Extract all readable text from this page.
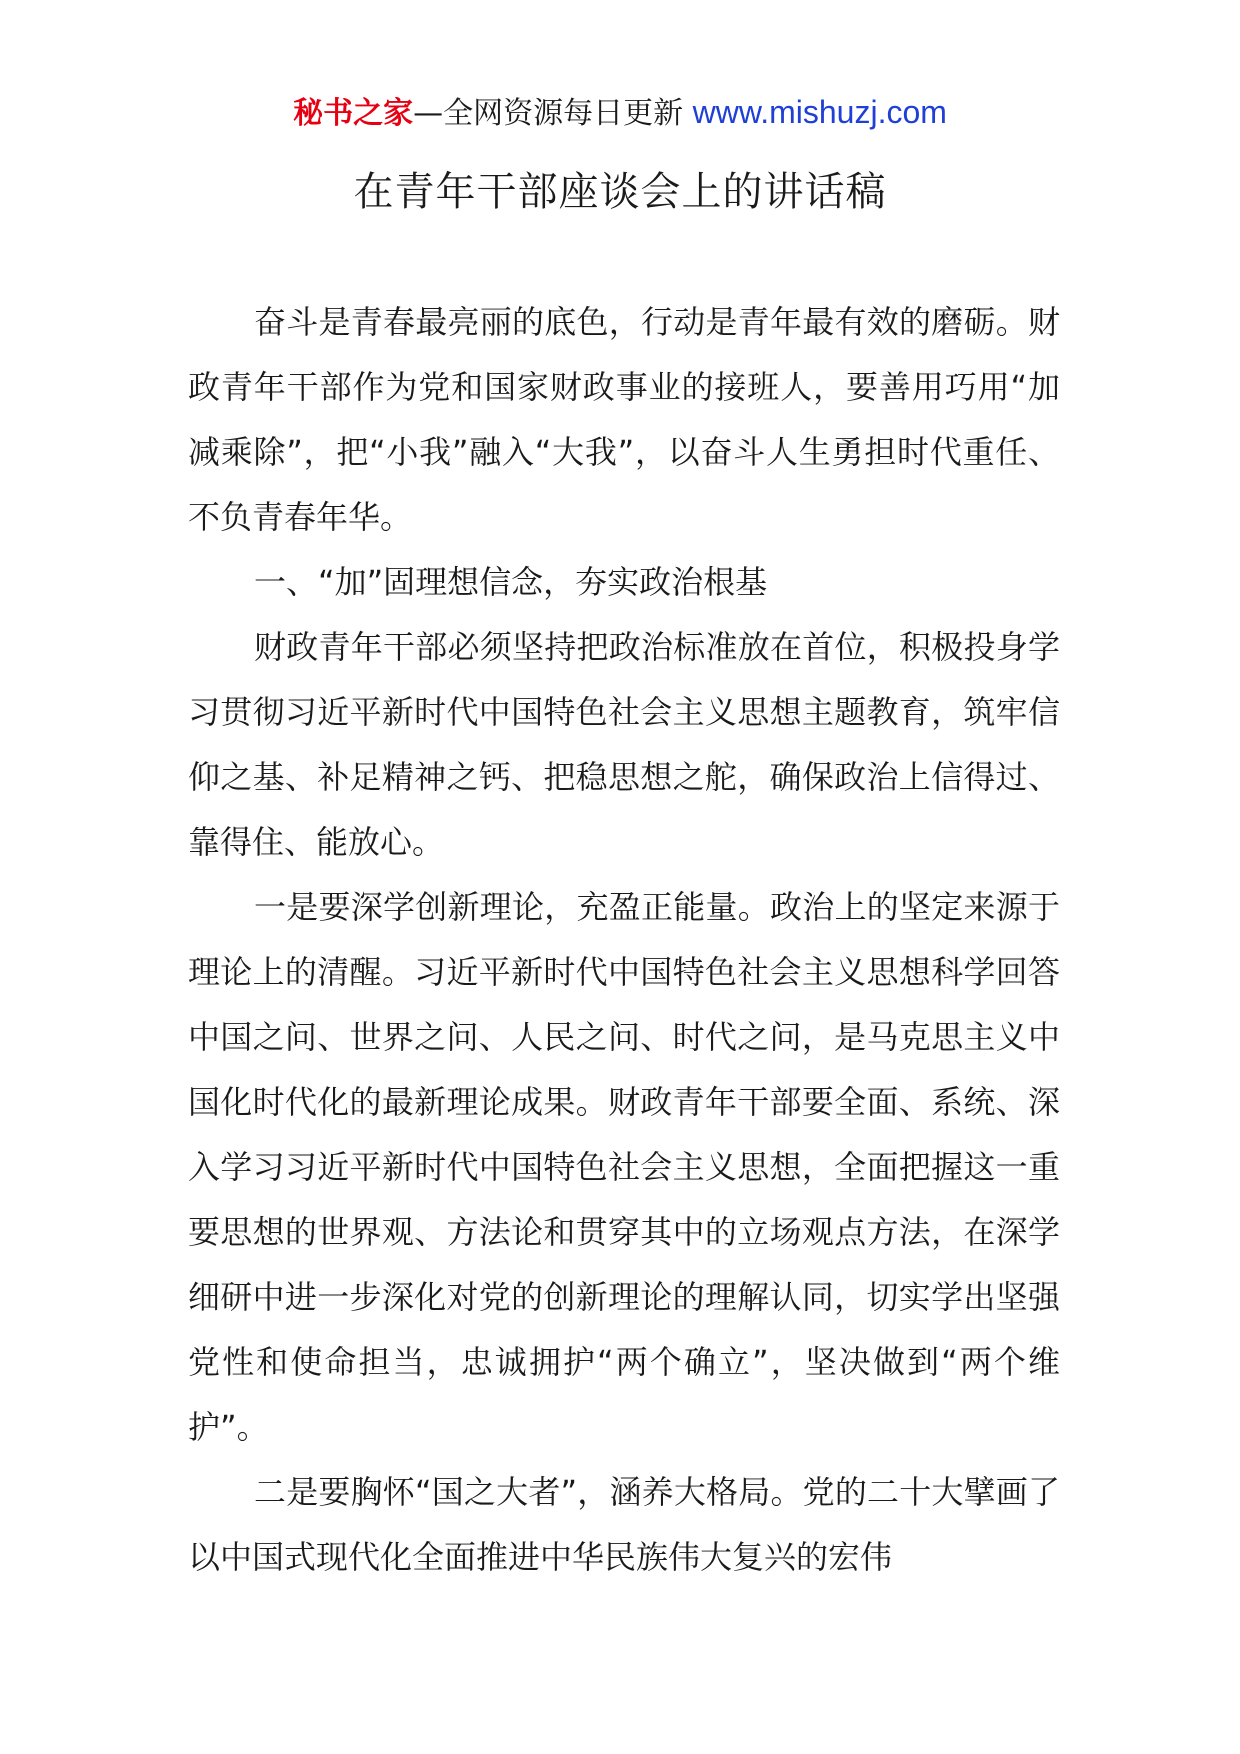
秘书之家—全网资源每日更新 www.mishuzj.com
在青年干部座谈会上的讲话稿

奋斗是青春最亮丽的底色，行动是青年最有效的磨砺。财政青年干部作为党和国家财政事业的接班人，要善用巧用“加减乘除”，把“小我”融入“大我”，以奋斗人生勇担时代重任、不负青春年华。

一、“加”固理想信念，夯实政治根基

财政青年干部必须坚持把政治标准放在首位，积极投身学习贯彻习近平新时代中国特色社会主义思想主题教育，筑牢信仰之基、补足精神之钙、把稳思想之舵，确保政治上信得过、靠得住、能放心。

一是要深学创新理论，充盈正能量。政治上的坚定来源于理论上的清醒。习近平新时代中国特色社会主义思想科学回答中国之问、世界之问、人民之问、时代之问，是马克思主义中国化时代化的最新理论成果。财政青年干部要全面、系统、深入学习习近平新时代中国特色社会主义思想，全面把握这一重要思想的世界观、方法论和贯穿其中的立场观点方法，在深学细研中进一步深化对党的创新理论的理解认同，切实学出坚强党性和使命担当，忠诚拥护“两个确立”，坚决做到“两个维护”。

二是要胸怀“国之大者”，涵养大格局。党的二十大擘画了以中国式现代化全面推进中华民族伟大复兴的宏伟
